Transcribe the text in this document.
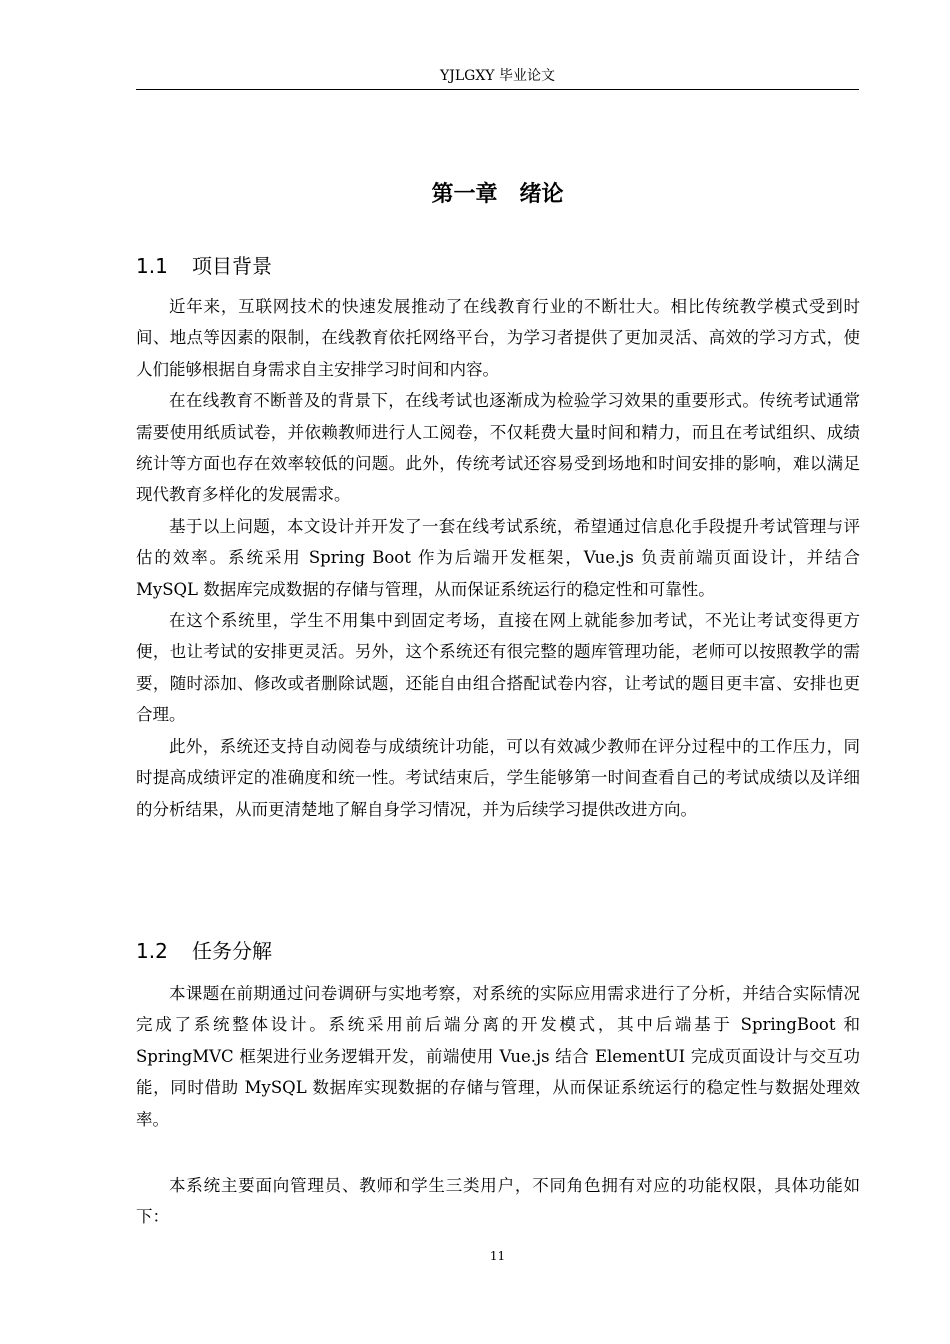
YJLGXY 毕业论文
第一章　绪论
1.1 项目背景

近年来，互联网技术的快速发展推动了在线教育行业的不断壮大。相比传统教学模式受到时间、地点等因素的限制，在线教育依托网络平台，为学习者提供了更加灵活、高效的学习方式，使人们能够根据自身需求自主安排学习时间和内容。

在在线教育不断普及的背景下，在线考试也逐渐成为检验学习效果的重要形式。传统考试通常需要使用纸质试卷，并依赖教师进行人工阅卷，不仅耗费大量时间和精力，而且在考试组织、成绩统计等方面也存在效率较低的问题。此外，传统考试还容易受到场地和时间安排的影响，难以满足现代教育多样化的发展需求。

基于以上问题，本文设计并开发了一套在线考试系统，希望通过信息化手段提升考试管理与评估的效率。系统采用 Spring Boot 作为后端开发框架，Vue.js 负责前端页面设计，并结合 MySQL 数据库完成数据的存储与管理，从而保证系统运行的稳定性和可靠性。

在这个系统里，学生不用集中到固定考场，直接在网上就能参加考试，不光让考试变得更方便，也让考试的安排更灵活。另外，这个系统还有很完整的题库管理功能，老师可以按照教学的需要，随时添加、修改或者删除试题，还能自由组合搭配试卷内容，让考试的题目更丰富、安排也更合理。

此外，系统还支持自动阅卷与成绩统计功能，可以有效减少教师在评分过程中的工作压力，同时提高成绩评定的准确度和统一性。考试结束后，学生能够第一时间查看自己的考试成绩以及详细的分析结果，从而更清楚地了解自身学习情况，并为后续学习提供改进方向。

1.2 任务分解

本课题在前期通过问卷调研与实地考察，对系统的实际应用需求进行了分析，并结合实际情况完成了系统整体设计。系统采用前后端分离的开发模式，其中后端基于 SpringBoot 和 SpringMVC 框架进行业务逻辑开发，前端使用 Vue.js 结合 ElementUI 完成页面设计与交互功能，同时借助 MySQL 数据库实现数据的存储与管理，从而保证系统运行的稳定性与数据处理效率。

本系统主要面向管理员、教师和学生三类用户，不同角色拥有对应的功能权限，具体功能如下：

11
